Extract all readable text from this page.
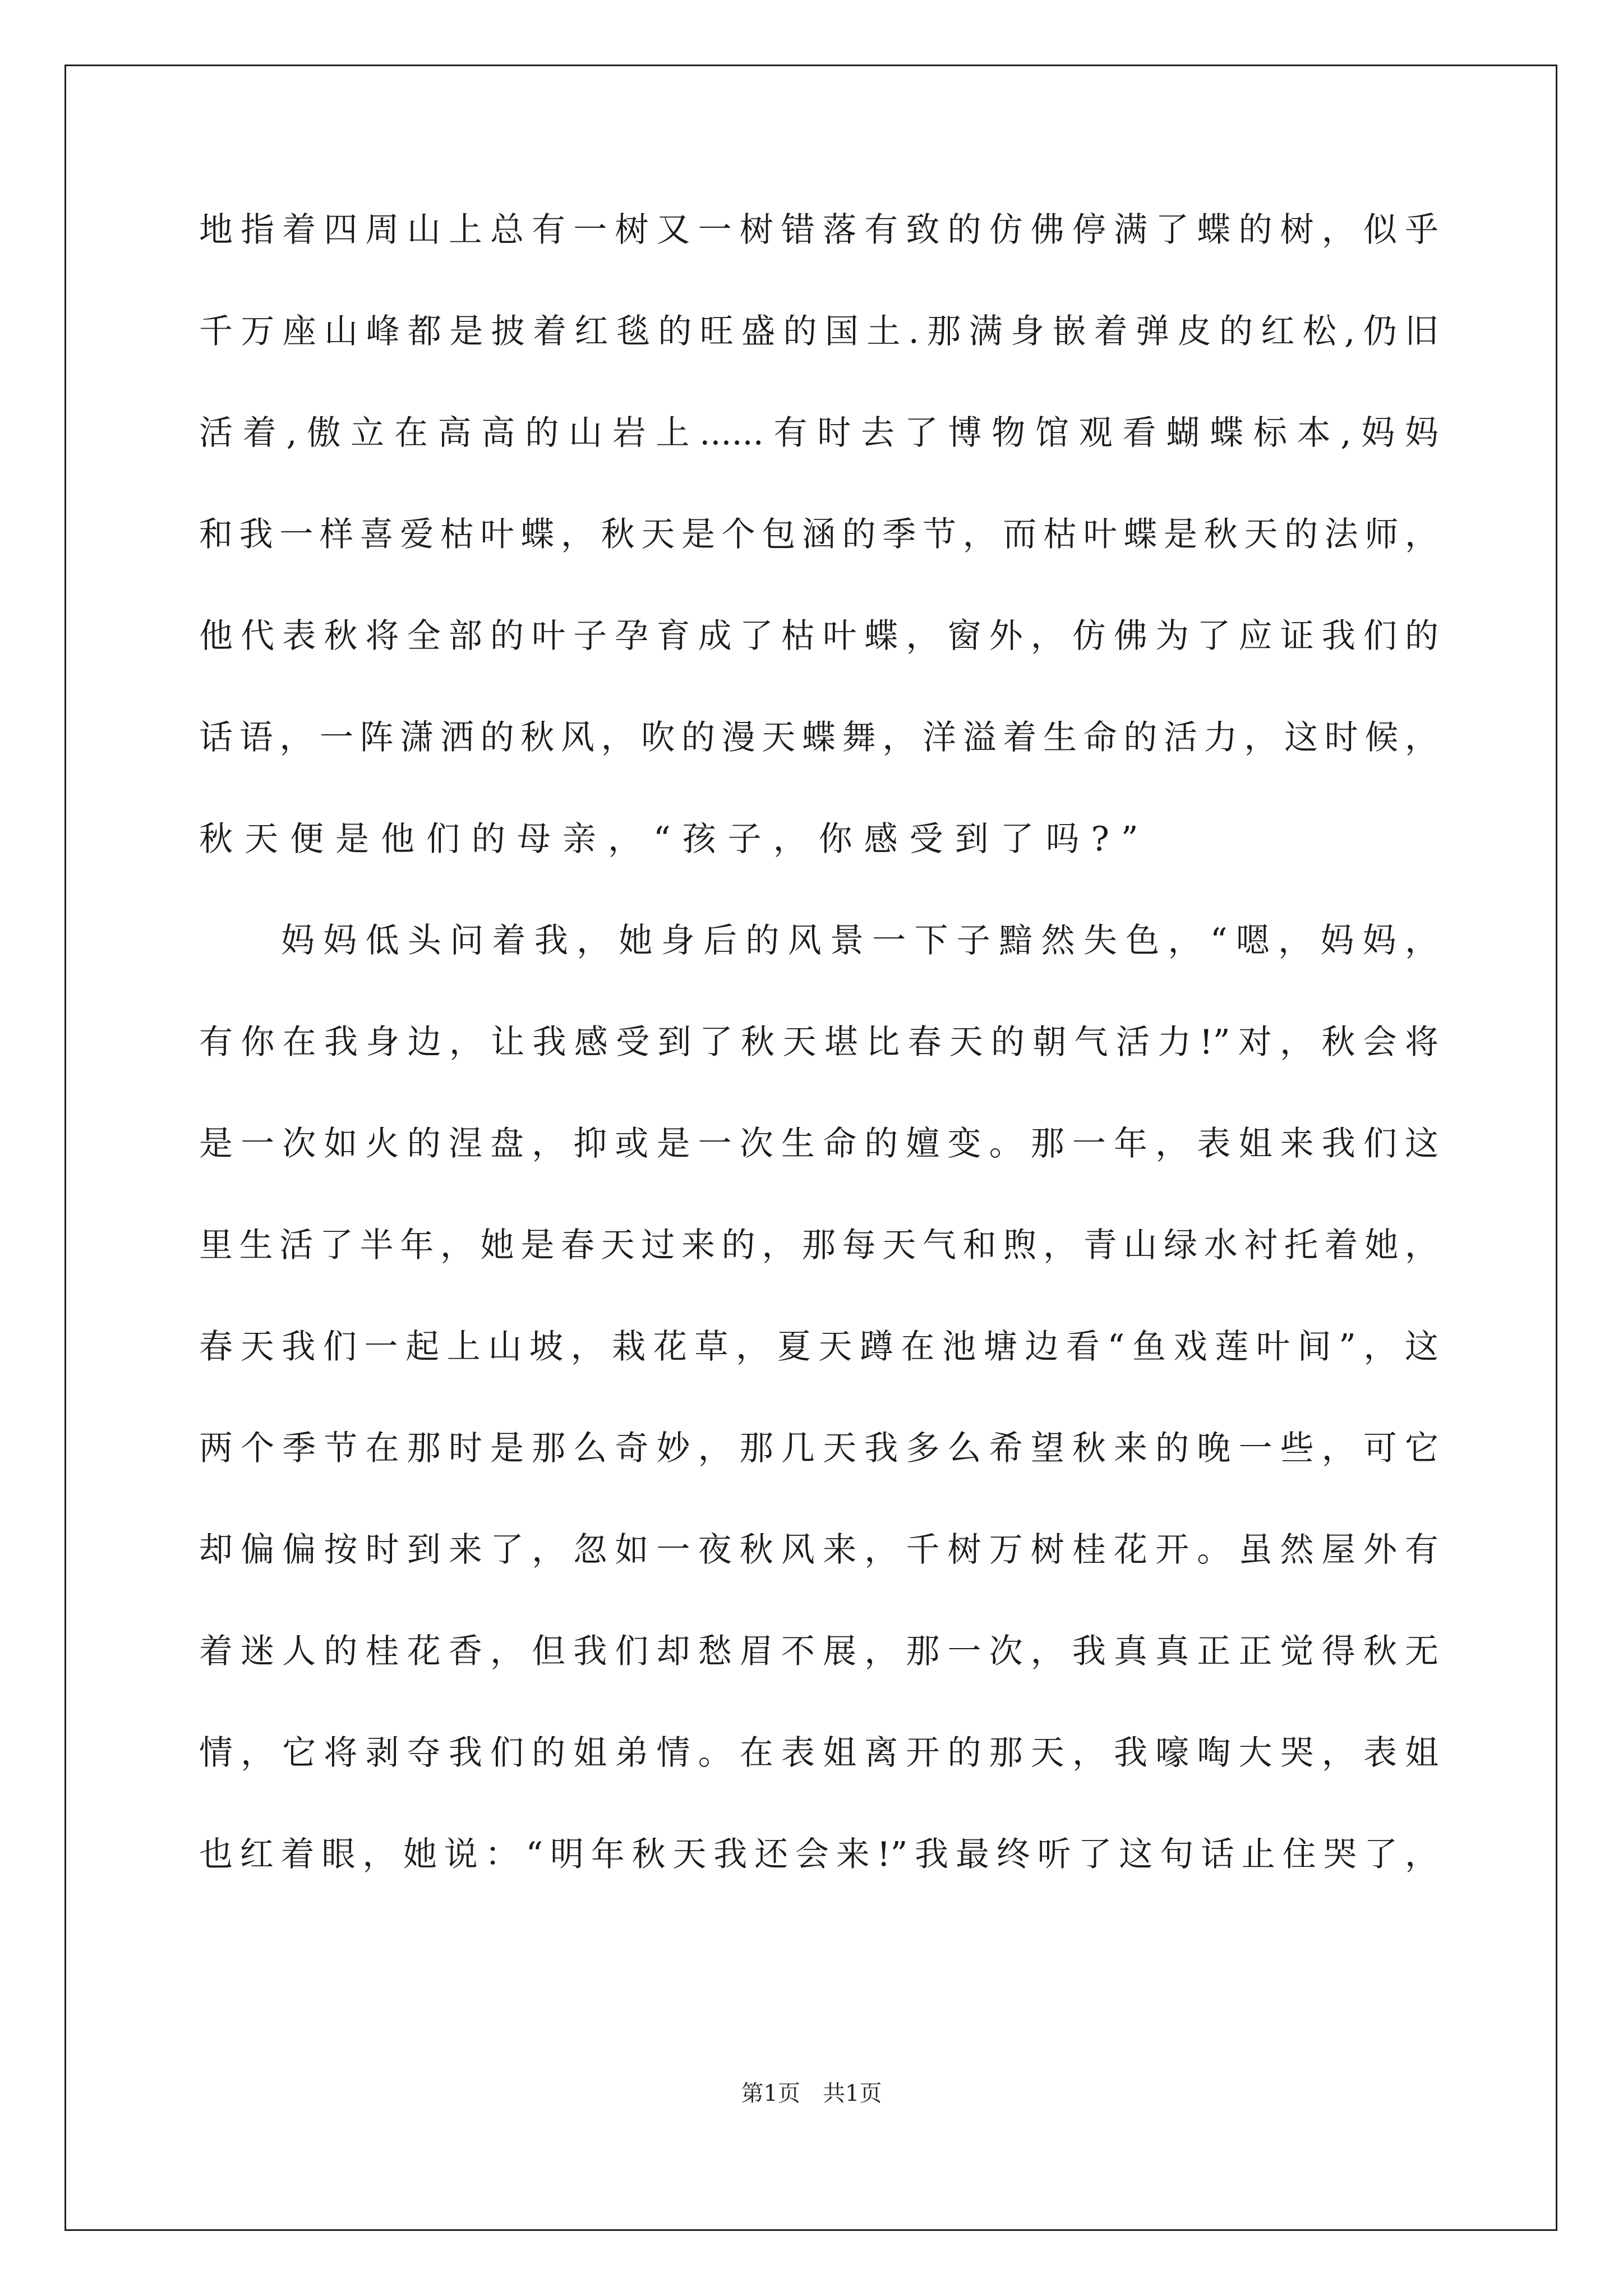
地指着四周山上总有一树又一树错落有致的仿佛停满了蝶的树，似乎
千万座山峰都是披着红毯的旺盛的国土.那满身嵌着弹皮的红松,仍旧
活着,傲立在高高的山岩上......有时去了博物馆观看蝴蝶标本,妈妈
和我一样喜爱枯叶蝶，秋天是个包涵的季节，而枯叶蝶是秋天的法师，
他代表秋将全部的叶子孕育成了枯叶蝶，窗外，仿佛为了应证我们的
话语，一阵潇洒的秋风，吹的漫天蝶舞，洋溢着生命的活力，这时候，
秋天便是他们的母亲，“孩子，你感受到了吗?”
妈妈低头问着我，她身后的风景一下子黯然失色，“嗯，妈妈，
有你在我身边，让我感受到了秋天堪比春天的朝气活力!”对，秋会将
是一次如火的涅盘，抑或是一次生命的嬗变。那一年，表姐来我们这
里生活了半年，她是春天过来的，那每天气和煦，青山绿水衬托着她，
春天我们一起上山坡，栽花草，夏天蹲在池塘边看“鱼戏莲叶间”，这
两个季节在那时是那么奇妙，那几天我多么希望秋来的晚一些，可它
却偏偏按时到来了，忽如一夜秋风来，千树万树桂花开。虽然屋外有
着迷人的桂花香，但我们却愁眉不展，那一次，我真真正正觉得秋无
情，它将剥夺我们的姐弟情。在表姐离开的那天，我嚎啕大哭，表姐
也红着眼，她说：“明年秋天我还会来!”我最终听了这句话止住哭了，
第1页　共1页
